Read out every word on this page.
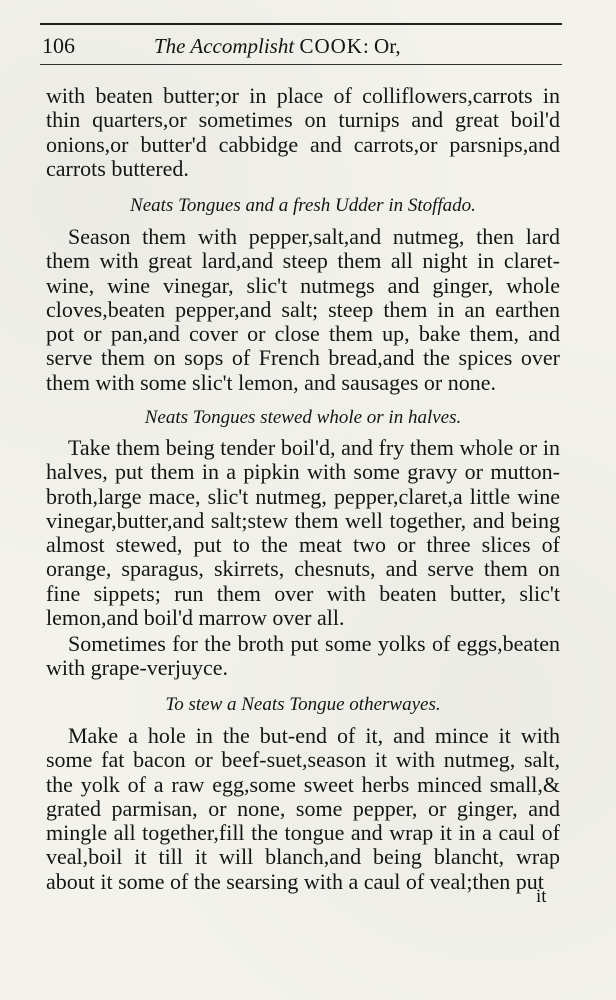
106	The Accomplisht COOK: Or,
with beaten butter;or in place of colliflowers,carrots in thin quarters,or sometimes on turnips and great boil'd onions,or butter'd cabbidge and carrots,or parsnips,and carrots buttered.
Neats Tongues and a fresh Udder in Stoffado.
Season them with pepper,salt,and nutmeg, then lard them with great lard,and steep them all night in claret-wine, wine vinegar, slic't nutmegs and ginger, whole cloves,beaten pepper,and salt; steep them in an earthen pot or pan,and cover or close them up, bake them, and serve them on sops of French bread,and the spices over them with some slic't lemon, and sausages or none.
Neats Tongues stewed whole or in halves.
Take them being tender boil'd, and fry them whole or in halves, put them in a pipkin with some gravy or mutton-broth,large mace, slic't nutmeg, pepper,claret,a little wine vinegar,butter,and salt;stew them well together, and being almost stewed, put to the meat two or three slices of orange, sparagus, skirrets, chesnuts, and serve them on fine sippets; run them over with beaten butter, slic't lemon,and boil'd marrow over all.
Sometimes for the broth put some yolks of eggs,beaten with grape-verjuyce.
To stew a Neats Tongue otherwayes.
Make a hole in the but-end of it, and mince it with some fat bacon or beef-suet,season it with nutmeg, salt, the yolk of a raw egg,some sweet herbs minced small,& grated parmisan, or none, some pepper, or ginger, and mingle all together,fill the tongue and wrap it in a caul of veal,boil it till it will blanch,and being blancht, wrap about it some of the searsing with a caul of veal;then put
it
